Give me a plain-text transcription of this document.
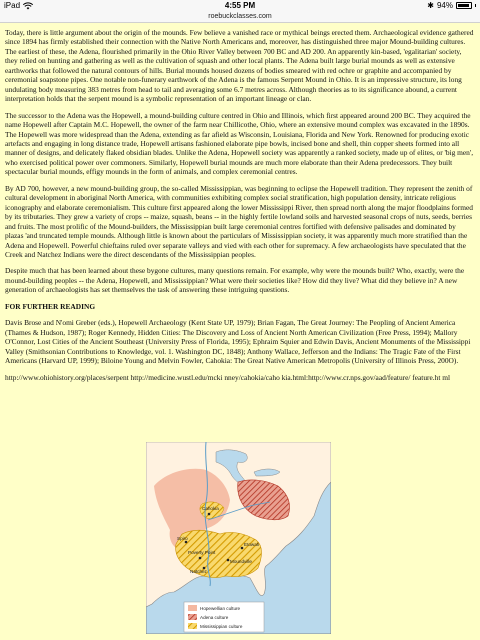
iPad	4:55 PM	✱ 94%
roebuckclasses.com

Today, there is little argument about the origin of the mounds. Few believe a vanished race or mythical beings erected them. Archaeological evidence gathered since 1894 has firmly established their connection with the Native North Americans and, moreover, has distinguished three major Mound-building cultures. The earliest of these, the Adena, flourished primarily in the Ohio River Valley between 700 BC and AD 200. An apparently kin-based, 'egalitarian' society, they relied on hunting and gathering as well as the cultivation of squash and other local plants. The Adena built large burial mounds as well as extensive earthworks that followed the natural contours of hills. Burial mounds housed dozens of bodies smeared with red ochre or graphite and accompanied by ceremonial soapstone pipes. One notable non-funerary earthwork of the Adena is the famous Serpent Mound in Ohio. It is an impressive structure, its long undulating body measuring 383 metres from head to tail and averaging some 6.7 metres across. Although theories as to its significance abound, a current interpretation holds that the serpent mound is a symbolic representation of an important lineage or clan.

The successor to the Adena was the Hopewell, a mound-building culture centred in Ohio and Illinois, which first appeared around 200 BC. They acquired the name Hopewell after Captain M.C. Hopewell, the owner of the farm near Chillicothe, Ohio, where an extensive mound complex was excavated in the 1890s. The Hopewell was more widespread than the Adena, extending as far afield as Wisconsin, Louisiana, Florida and New York. Renowned for producing exotic artefacts and engaging in long distance trade, Hopewell artisans fashioned elaborate pipe bowls, incised bone and shell, thin copper sheets formed into all manner of designs, and delicately flaked obsidian blades. Unlike the Adena, Hopewell society was apparently a ranked society, made up of elites, or 'big men', who exercised political power over commoners. Similarly, Hopewell burial mounds are much more elaborate than their Adena predecessors. They built spectacular burial mounds, effigy mounds in the form of animals, and complex ceremonial centres.

By AD 700, however, a new mound-building group, the so-called Mississippian, was beginning to eclipse the Hopewell tradition. They represent the zenith of cultural development in aboriginal North America, with communities exhibiting complex social stratification, high population density, intricate religious iconography and elaborate ceremonialism. This culture first appeared along the lower Mississippi River, then spread north along the major floodplains formed by its tributaries. They grew a variety of crops -- maize, squash, beans -- in the highly fertile lowland soils and harvested seasonal crops of nuts, seeds, berries and fruits. The most prolific of the Mound-builders, the Mississippian built large ceremonial centres fortified with defensive palisades and dominated by plazas 'and truncated temple mounds. Although little is known about the particulars of Mississippian society, it was apparently much more stratified than the Adena and Hopewell. Powerful chieftains ruled over separate valleys and vied with each other for supremacy. A few archaeologists have speculated that the Creek and Natchez Indians were the direct descendants of the Mississippian peoples.

Despite much that has been learned about these bygone cultures, many questions remain. For example, why were the mounds built? Who, exactly, were the mound-building peoples -- the Adena, Hopewell, and Mississippian? What were their societies like? How did they live? What did they believe in? A new generation of archaeologists has set themselves the task of answering these intriguing questions.

FOR FURTHER READING

Davis Brose and N'omi Greber (eds.), Hopewell Archaeology (Kent State UP, 1979); Brian Fagan, The Great Journey: The Peopling of Ancient America (Thames & Hudson, 1987); Roger Kennedy, Hidden Cities: The Discovery and Loss of Ancient North American Civilization (Free Press, 1994); Mallory O'Connor, Lost Cities of the Ancient Southeast (University Press of Florida, 1995); Ephraim Squier and Edwin Davis, Ancient Monuments of the Mississippi Valley (Smithsonian Contributions to Knowledge, vol. 1. Washington DC, 1848); Anthony Wallace, Jefferson and the Indians: The Tragic Fate of the First Americans (Harvard UP, 1999); Biloine Young and Melvin Fowler, Cahokia: The Great Native American Metropolis (University of Illinois Press, 200O).

http://www.ohiohistory.org/places/serpent http://medicine.wustl.edu/mcki nney/cahokia/caho kia.html:http://www.cr.nps.gov/aad/feature/ feature.ht ml

Cahokia
Etowah
Moundville
Spiro
Natchez
Poverty Point
Hopewellian culture
Adena culture
Mississippian culture
